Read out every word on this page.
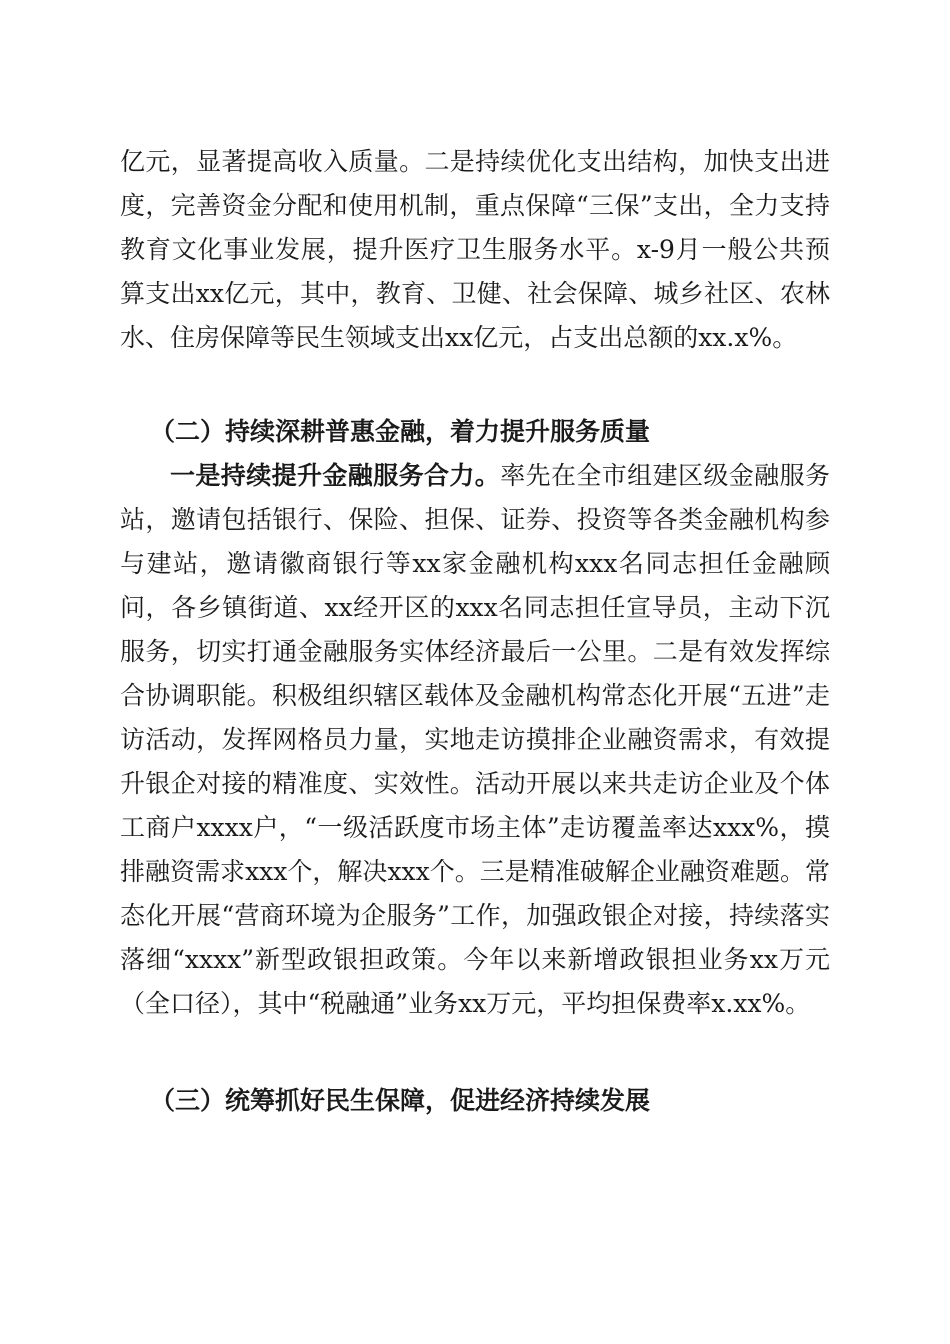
亿元，显著提高收入质量。二是持续优化支出结构，加快支出进度，完善资金分配和使用机制，重点保障“三保”支出，全力支持教育文化事业发展，提升医疗卫生服务水平。x-9月一般公共预算支出xx亿元，其中，教育、卫健、社会保障、城乡社区、农林水、住房保障等民生领域支出xx亿元，占支出总额的xx.x%。

（二）持续深耕普惠金融，着力提升服务质量

一是持续提升金融服务合力。率先在全市组建区级金融服务站，邀请包括银行、保险、担保、证券、投资等各类金融机构参与建站，邀请徽商银行等xx家金融机构xxx名同志担任金融顾问，各乡镇街道、xx经开区的xxx名同志担任宣导员，主动下沉服务，切实打通金融服务实体经济最后一公里。二是有效发挥综合协调职能。积极组织辖区载体及金融机构常态化开展“五进”走访活动，发挥网格员力量，实地走访摸排企业融资需求，有效提升银企对接的精准度、实效性。活动开展以来共走访企业及个体工商户xxxx户，“一级活跃度市场主体”走访覆盖率达xxx%，摸排融资需求xxx个，解决xxx个。三是精准破解企业融资难题。常态化开展“营商环境为企服务”工作，加强政银企对接，持续落实落细“xxxx”新型政银担政策。今年以来新增政银担业务xx万元（全口径），其中“税融通”业务xx万元，平均担保费率x.xx%。

（三）统筹抓好民生保障，促进经济持续发展
